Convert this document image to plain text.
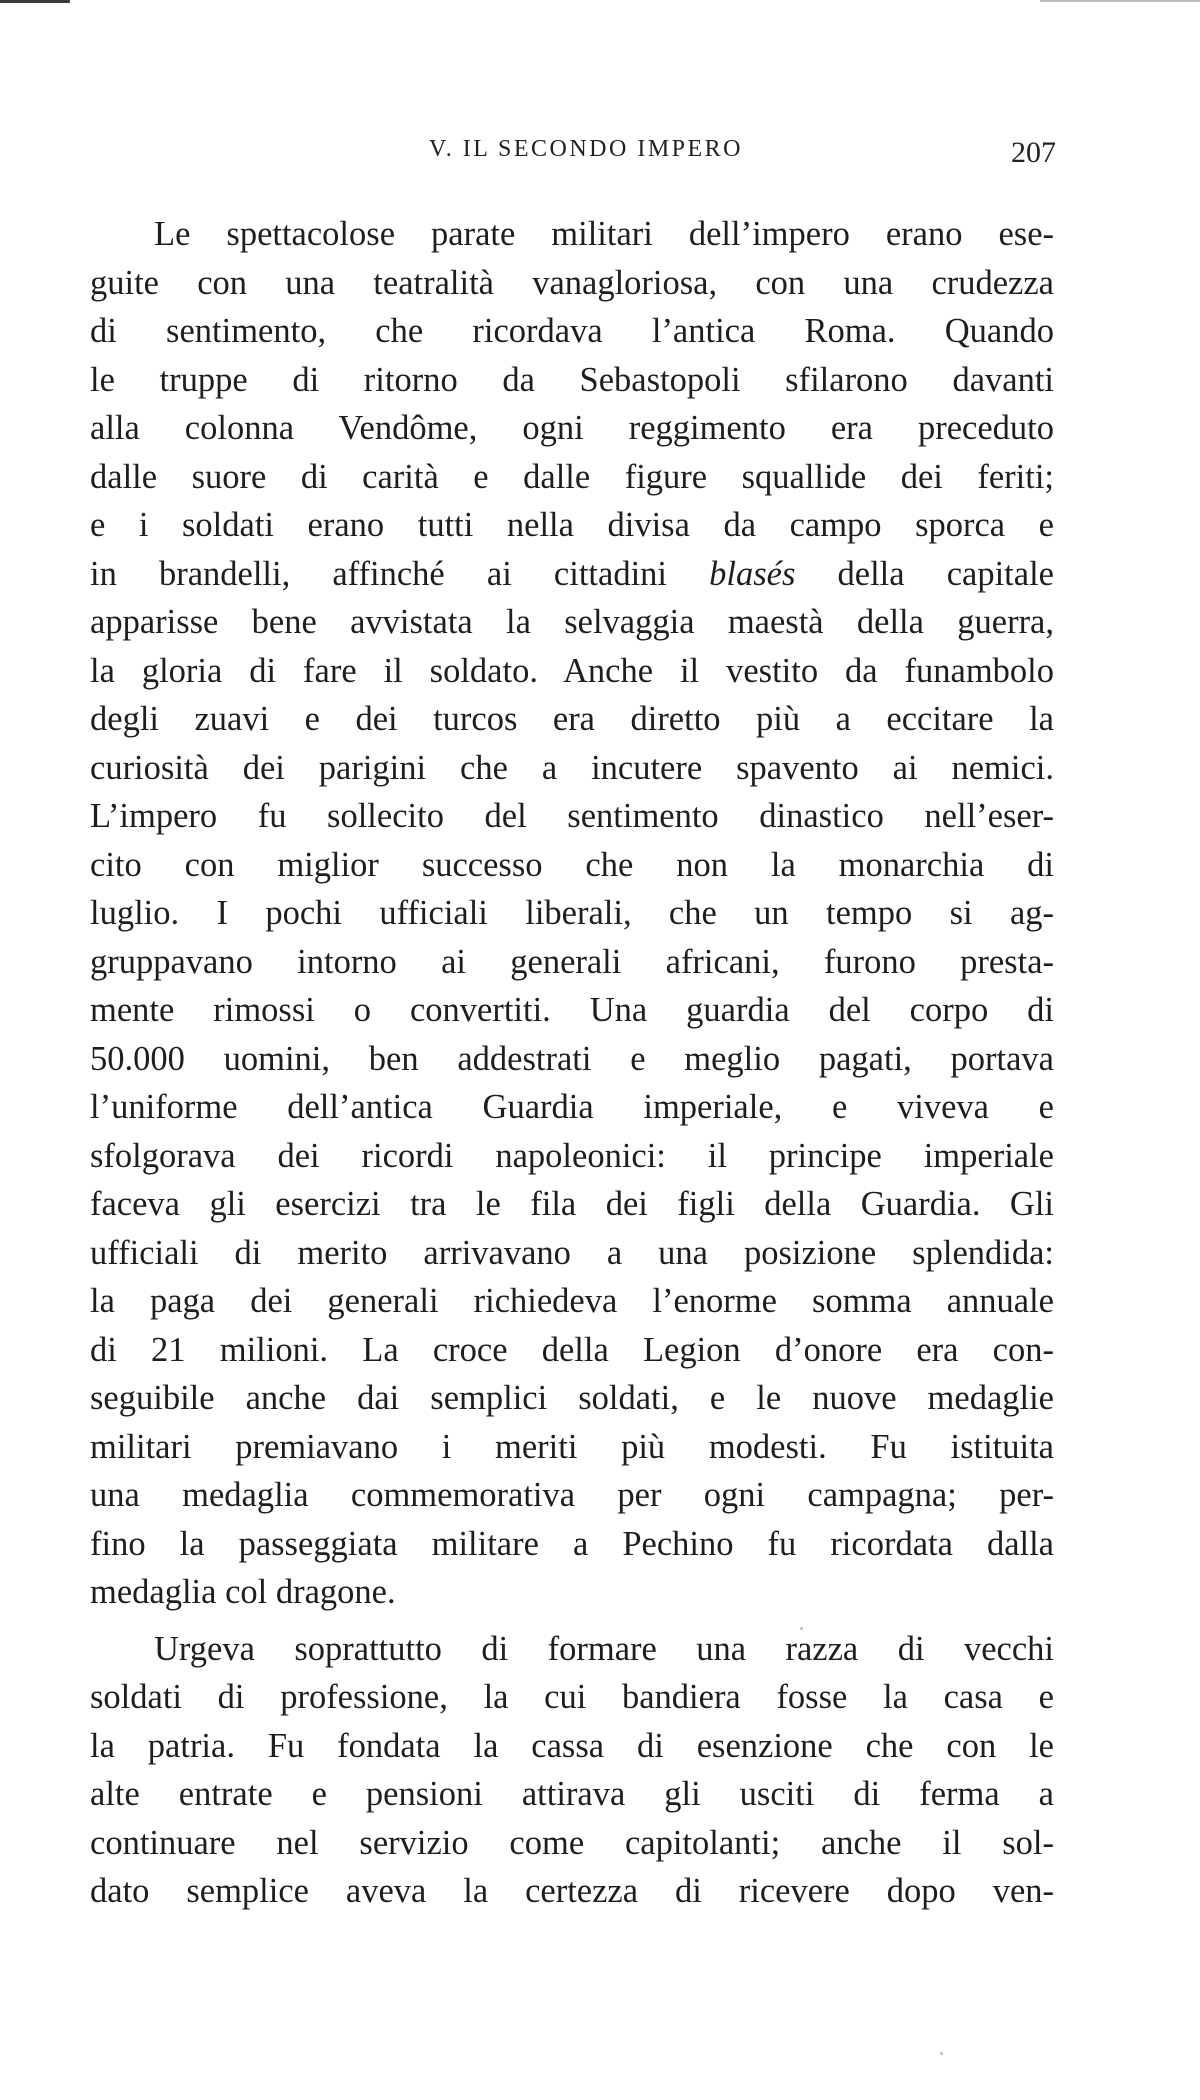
V. IL SECONDO IMPERO	207
Le spettacolose parate militari dell’impero erano ese-
guite con una teatralità vanagloriosa, con una crudezza
di sentimento, che ricordava l’antica Roma. Quando
le truppe di ritorno da Sebastopoli sfilarono davanti
alla colonna Vendôme, ogni reggimento era preceduto
dalle suore di carità e dalle figure squallide dei feriti;
e i soldati erano tutti nella divisa da campo sporca e
in brandelli, affinché ai cittadini blasés della capitale
apparisse bene avvistata la selvaggia maestà della guerra,
la gloria di fare il soldato. Anche il vestito da funambolo
degli zuavi e dei turcos era diretto più a eccitare la
curiosità dei parigini che a incutere spavento ai nemici.
L’impero fu sollecito del sentimento dinastico nell’eser-
cito con miglior successo che non la monarchia di
luglio. I pochi ufficiali liberali, che un tempo si ag-
gruppavano intorno ai generali africani, furono presta-
mente rimossi o convertiti. Una guardia del corpo di
50.000 uomini, ben addestrati e meglio pagati, portava
l’uniforme dell’antica Guardia imperiale, e viveva e
sfolgorava dei ricordi napoleonici: il principe imperiale
faceva gli esercizi tra le fila dei figli della Guardia. Gli
ufficiali di merito arrivavano a una posizione splendida:
la paga dei generali richiedeva l’enorme somma annuale
di 21 milioni. La croce della Legion d’onore era con-
seguibile anche dai semplici soldati, e le nuove medaglie
militari premiavano i meriti più modesti. Fu istituita
una medaglia commemorativa per ogni campagna; per-
fino la passeggiata militare a Pechino fu ricordata dalla
medaglia col dragone.
Urgeva soprattutto di formare una razza di vecchi
soldati di professione, la cui bandiera fosse la casa e
la patria. Fu fondata la cassa di esenzione che con le
alte entrate e pensioni attirava gli usciti di ferma a
continuare nel servizio come capitolanti; anche il sol-
dato semplice aveva la certezza di ricevere dopo ven-
